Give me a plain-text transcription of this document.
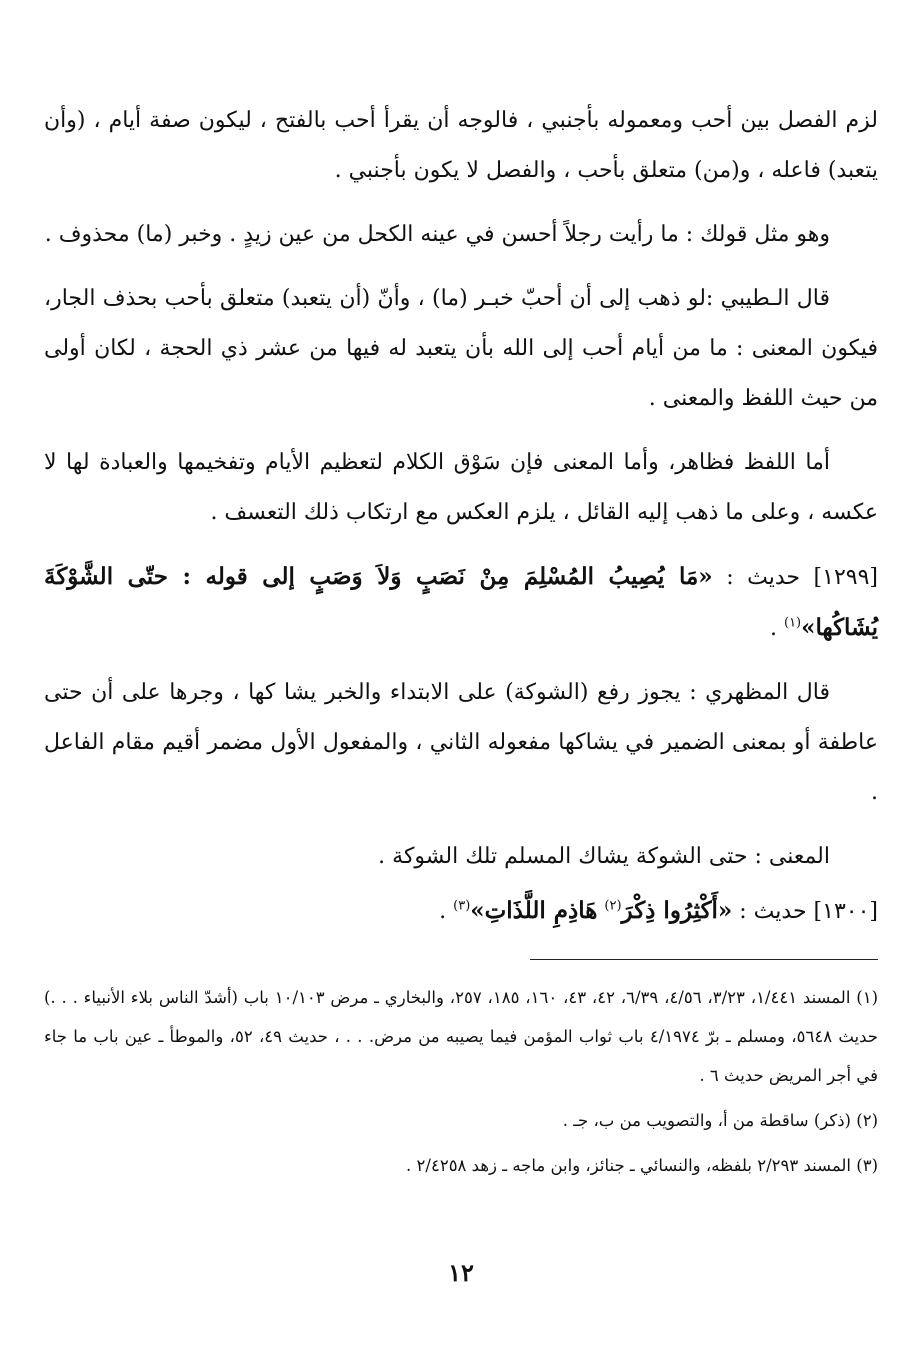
لزم الفصل بين أحب ومعموله بأجنبي ، فالوجه أن يقرأ أحب بالفتح ، ليكون صفة أيام ، (وأن يتعبد) فاعله ، و(من) متعلق بأحب ، والفصل لا يكون بأجنبي .

وهو مثل قولك : ما رأيت رجلاً أحسن في عينه الكحل من عين زيدٍ . وخبر (ما) محذوف .

قال الـطيبي :لو ذهب إلى أن أحبّ خبـر (ما) ، وأنّ (أن يتعبد) متعلق بأحب بحذف الجار، فيكون المعنى : ما من أيام أحب إلى الله بأن يتعبد له فيها من عشر ذي الحجة ، لكان أولى من حيث اللفظ والمعنى .

أما اللفظ فظاهر، وأما المعنى فإن سَوْق الكلام لتعظيم الأيام وتفخيمها والعبادة لها لا عكسه ، وعلى ما ذهب إليه القائل ، يلزم العكس مع ارتكاب ذلك التعسف .

[١٢٩٩] حديث : «مَا يُصِيبُ المُسْلِمَ مِنْ نَصَبٍ وَلاَ وَصَبٍ إلى قوله : حتّى الشَّوْكَةَ يُشَاكُها»$^{(١)}$ .

قال المظهري : يجوز رفع (الشوكة) على الابتداء والخبر يشا كها ، وجرها على أن حتى عاطفة أو بمعنى الضمير في يشاكها مفعوله الثاني ، والمفعول الأول مضمر أقيم مقام الفاعل .

المعنى : حتى الشوكة يشاك المسلم تلك الشوكة .

[١٣٠٠] حديث : «أَكْثِرُوا ذِكْرَ$^{(٢)}$ هَاذِمِ اللَّذَاتِ»$^{(٣)}$ .

(١) المسند ١/٤٤١، ٣/٢٣، ٤/٥٦، ٦/٣٩، ٤٢، ٤٣، ١٦٠، ١٨٥، ٢٥٧، والبخاري ـ مرض ١٠/١٠٣ باب (أشدّ الناس بلاء الأنبياء . . .) حديث ٥٦٤٨، ومسلم ـ برّ ٤/١٩٧٤ باب ثواب المؤمن فيما يصيبه من مرض. . . ، حديث ٤٩، ٥٢، والموطأ ـ عين باب ما جاء في أجر المريض حديث ٦ .

(٢) (ذكر) ساقطة من أ، والتصويب من ب، جـ .

(٣) المسند ٢/٢٩٣ بلفظه، والنسائي ـ جنائز، وابن ماجه ـ زهد ٢/٤٢٥٨ .

١٢
